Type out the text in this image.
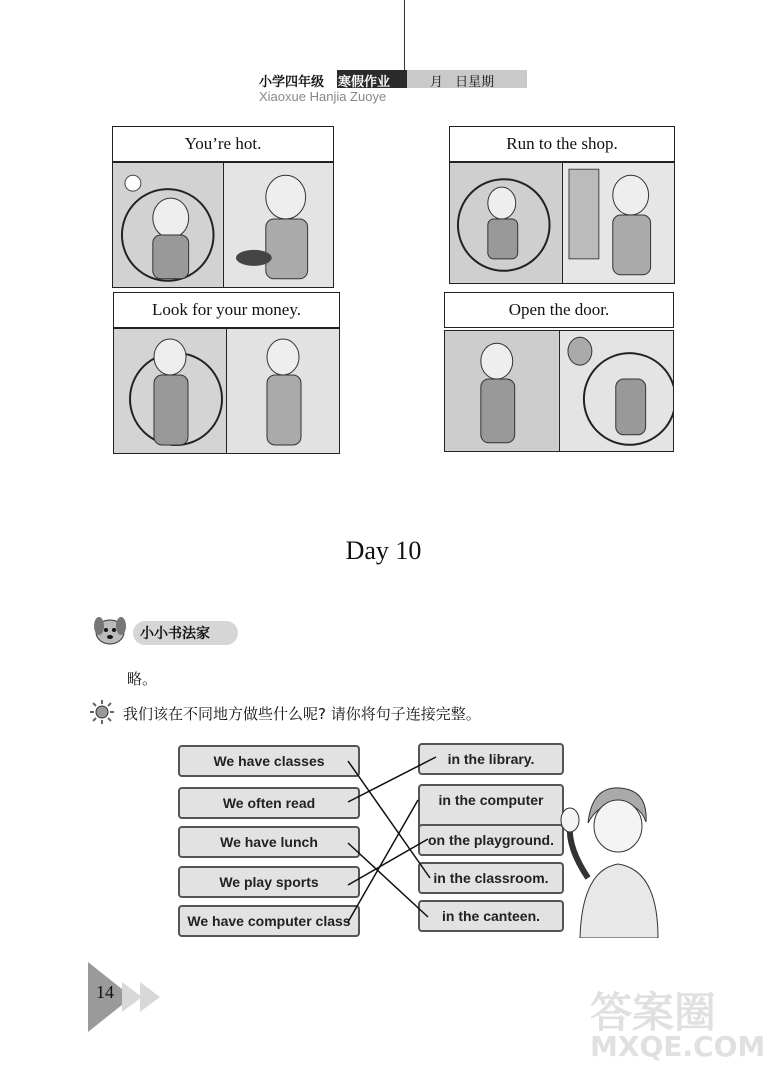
小学四年级 寒假作业	月 日星期
Xiaoxue Hanjia Zuoye
You’re hot.	Run to the shop.
Look for your money.	Open the door.
Day 10
小小书法家
略。
我们该在不同地方做些什么呢? 请你将句子连接完整。
We have classes
We often read
We have lunch
We play sports
We have computer class
in the library.
in the computer
on the playground.
in the classroom.
in the canteen.
14	答案圈
MXQE.COM
